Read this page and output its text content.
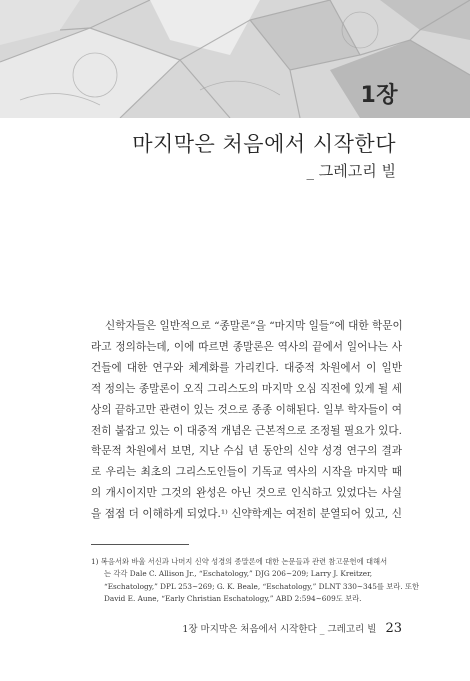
1장
마지막은 처음에서 시작한다
_ 그레고리 빌
신학자들은 일반적으로 “종말론”을 “마지막 일들”에 대한 학문이
라고 정의하는데, 이에 따르면 종말론은 역사의 끝에서 일어나는 사
건들에 대한 연구와 체계화를 가리킨다. 대중적 차원에서 이 일반
적 정의는 종말론이 오직 그리스도의 마지막 오심 직전에 있게 될 세
상의 끝하고만 관련이 있는 것으로 종종 이해된다. 일부 학자들이 여
전히 붙잡고 있는 이 대중적 개념은 근본적으로 조정될 필요가 있다.
학문적 차원에서 보면, 지난 수십 년 동안의 신약 성경 연구의 결과
로 우리는 최초의 그리스도인들이 기독교 역사의 시작을 마지막 때
의 개시이지만 그것의 완성은 아닌 것으로 인식하고 있었다는 사실
을 점점 더 이해하게 되었다.¹⁾ 신약학계는 여전히 분열되어 있고, 신
1) 복음서와 바울 서신과 나머지 신약 성경의 종말론에 대한 논문들과 관련 참고문헌에 대해서
는 각각 Dale C. Allison Jr., “Eschatology,” DJG 206~209; Larry J. Kreitzer,
“Eschatology,” DPL 253~269; G. K. Beale, “Eschatology,” DLNT 330~345를 보라. 또한
David E. Aune, “Early Christian Eschatology,” ABD 2:594~609도 보라.
1장 마지막은 처음에서 시작한다 _ 그레고리 빌 23
